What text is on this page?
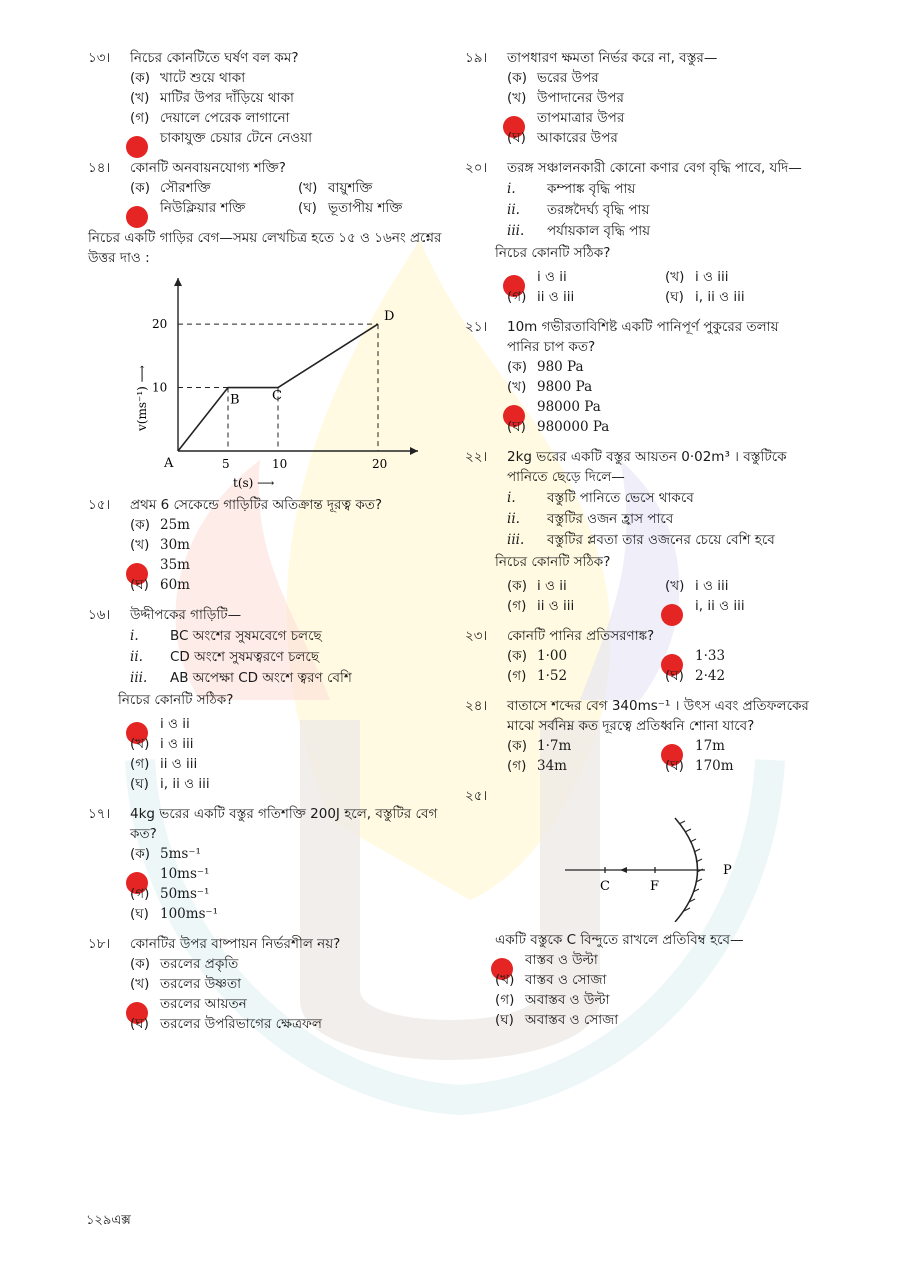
১৩।	নিচের কোনটিতে ঘর্ষণ বল কম?
(ক) খাটে শুয়ে থাকা
(খ) মাটির উপর দাঁড়িয়ে থাকা
(গ) দেয়ালে পেরেক লাগানো
চাকাযুক্ত চেয়ার টেনে নেওয়া
১৪।	কোনটি অনবায়নযোগ্য শক্তি?
(ক) সৌরশক্তি	(খ) বায়ুশক্তি
নিউক্লিয়ার শক্তি	(ঘ) ভূতাপীয় শক্তি
নিচের একটি গাড়ির বেগ—সময় লেখচিত্র হতে ১৫ ও ১৬নং প্রশ্নের উত্তর দাও :
A
B C
D
5	10	20
10
20
t(s) ⟶
v(ms⁻¹) ⟶
১৫।	প্রথম 6 সেকেন্ডে গাড়িটির অতিক্রান্ত দূরত্ব কত?
(ক) 25m
(খ) 30m
35m
(ঘ) 60m
১৬।	উদ্দীপকের গাড়িটি—
i.	BC অংশের সুষমবেগে চলছে
ii.	CD অংশে সুষমত্বরণে চলছে
iii.	AB অপেক্ষা CD অংশে ত্বরণ বেশি
নিচের কোনটি সঠিক?
i ও ii
(খ) i ও iii
(গ) ii ও iii
(ঘ) i, ii ও iii
১৭।	4kg ভরের একটি বস্তুর গতিশক্তি 200J হলে, বস্তুটির বেগ কত?
(ক) 5ms⁻¹
10ms⁻¹
(গ) 50ms⁻¹
(ঘ) 100ms⁻¹
১৮।	কোনটির উপর বাষ্পায়ন নির্ভরশীল নয়?
(ক) তরলের প্রকৃতি
(খ) তরলের উষ্ণতা
তরলের আয়তন
(ঘ) তরলের উপরিভাগের ক্ষেত্রফল
১৯।	তাপধারণ ক্ষমতা নির্ভর করে না, বস্তুর—
(ক) ভরের উপর
(খ) উপাদানের উপর
তাপমাত্রার উপর
(ঘ) আকারের উপর
২০।	তরঙ্গ সঞ্চালনকারী কোনো কণার বেগ বৃদ্ধি পাবে, যদি—
i.	কম্পাঙ্ক বৃদ্ধি পায়
ii.	তরঙ্গদৈর্ঘ্য বৃদ্ধি পায়
iii.	পর্যায়কাল বৃদ্ধি পায়
নিচের কোনটি সঠিক?
i ও ii	(খ) i ও iii
(গ) ii ও iii	(ঘ) i, ii ও iii
২১।	10m গভীরতাবিশিষ্ট একটি পানিপূর্ণ পুকুরের তলায় পানির চাপ কত?
(ক) 980 Pa
(খ) 9800 Pa
98000 Pa
(ঘ) 980000 Pa
২২।	2kg ভরের একটি বস্তুর আয়তন 0·02m³ । বস্তুটিকে পানিতে ছেড়ে দিলে—
i.	বস্তুটি পানিতে ভেসে থাকবে
ii.	বস্তুটির ওজন হ্রাস পাবে
iii.	বস্তুটির প্লবতা তার ওজনের চেয়ে বেশি হবে
নিচের কোনটি সঠিক?
(ক) i ও ii	(খ) i ও iii
(গ) ii ও iii	i, ii ও iii
২৩।	কোনটি পানির প্রতিসরণাঙ্ক?
(ক) 1·00	1·33
(গ) 1·52	(ঘ) 2·42
২৪।	বাতাসে শব্দের বেগ 340ms⁻¹ । উৎস এবং প্রতিফলকের মাঝে সর্বনিম্ন কত দূরত্বে প্রতিধ্বনি শোনা যাবে?
(ক) 1·7m	17m
(গ) 34m	(ঘ) 170m
২৫।
C	F
P
একটি বস্তুকে C বিন্দুতে রাখলে প্রতিবিম্ব হবে—
বাস্তব ও উল্টা
(খ) বাস্তব ও সোজা
(গ) অবাস্তব ও উল্টা
(ঘ) অবাস্তব ও সোজা
১২৯এক্স
